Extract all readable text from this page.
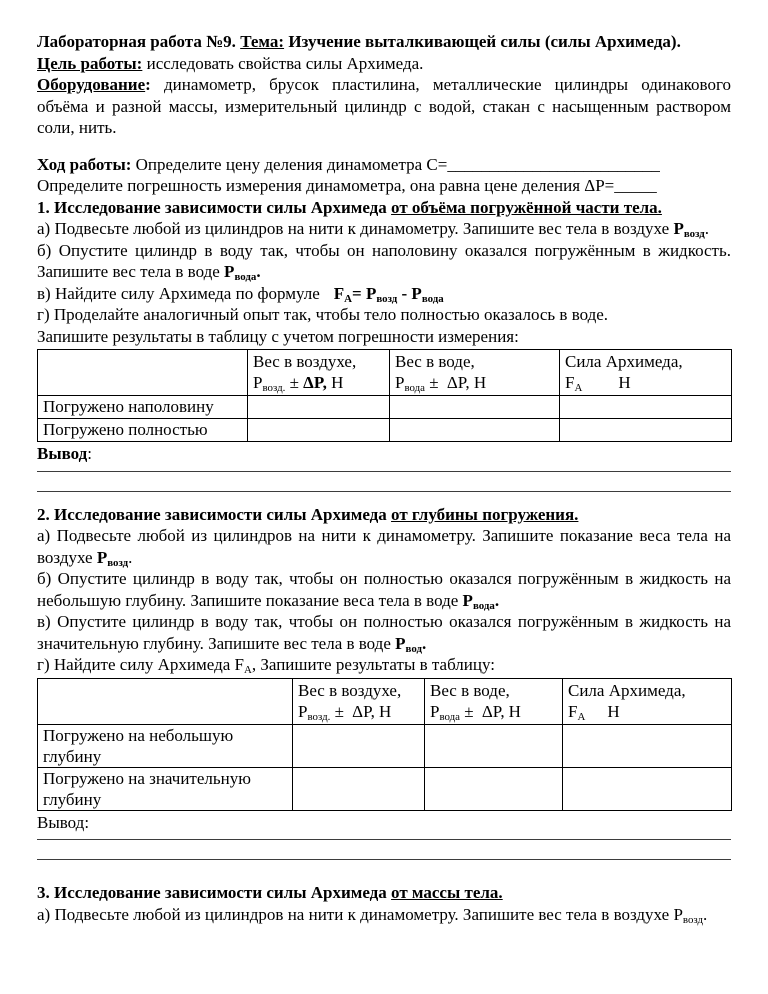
Лабораторная работа №9. Тема: Изучение выталкивающей силы (силы Архимеда).

Цель работы: исследовать свойства силы Архимеда.

Оборудование: динамометр, брусок пластилина, металлические цилиндры одинакового объёма и разной массы, измерительный цилиндр с водой, стакан с насыщенным раствором соли, нить.

Ход работы: Определите цену деления динамометра С=_________________________

Определите погрешность измерения динамометра, она равна цене деления ΔP=_____

1. Исследование зависимости силы Архимеда от объёма погружённой части тела.

а) Подвесьте любой из цилиндров на нити к динамометру. Запишите вес тела в воздухе $P_{возд}$.

б) Опустите цилиндр в воду так, чтобы он наполовину оказался погружённым в жидкость. Запишите вес тела в воде $P_{вода}$.

в) Найдите силу Архимеда по формуле $F_А= P_{возд} - P_{вода}$

г) Проделайте аналогичный опыт так, чтобы тело полностью оказалось в воде.

Запишите результаты в таблицу с учетом погрешности измерения:

	Вес в воздухе,
$P_{возд.} \pm \Delta P$, Н	Вес в воде,
$P_{вода} \pm \Delta P$, Н	Сила Архимеда,
$F_А$ Н
Погружено наполовину			
Погружено полностью			

Вывод:

2. Исследование зависимости силы Архимеда от глубины погружения.

а) Подвесьте любой из цилиндров на нити к динамометру. Запишите показание веса тела на воздухе $P_{возд}$.

б) Опустите цилиндр в воду так, чтобы он полностью оказался погружённым в жидкость на небольшую глубину. Запишите показание веса тела в воде $P_{вода}$.

в) Опустите цилиндр в воду так, чтобы он полностью оказался погружённым в жидкость на значительную глубину. Запишите вес тела в воде $P_{вод}$.

г) Найдите силу Архимеда $F_А$, Запишите результаты в таблицу:

	Вес в воздухе,
$P_{возд.} \pm \Delta P$, Н	Вес в воде,
$P_{вода} \pm \Delta P$, Н	Сила Архимеда,
$F_А$ Н
Погружено на небольшую глубину			
Погружено на значительную глубину			

Вывод:

3. Исследование зависимости силы Архимеда от массы тела.

а) Подвесьте любой из цилиндров на нити к динамометру. Запишите вес тела в воздухе $P_{возд}$.
